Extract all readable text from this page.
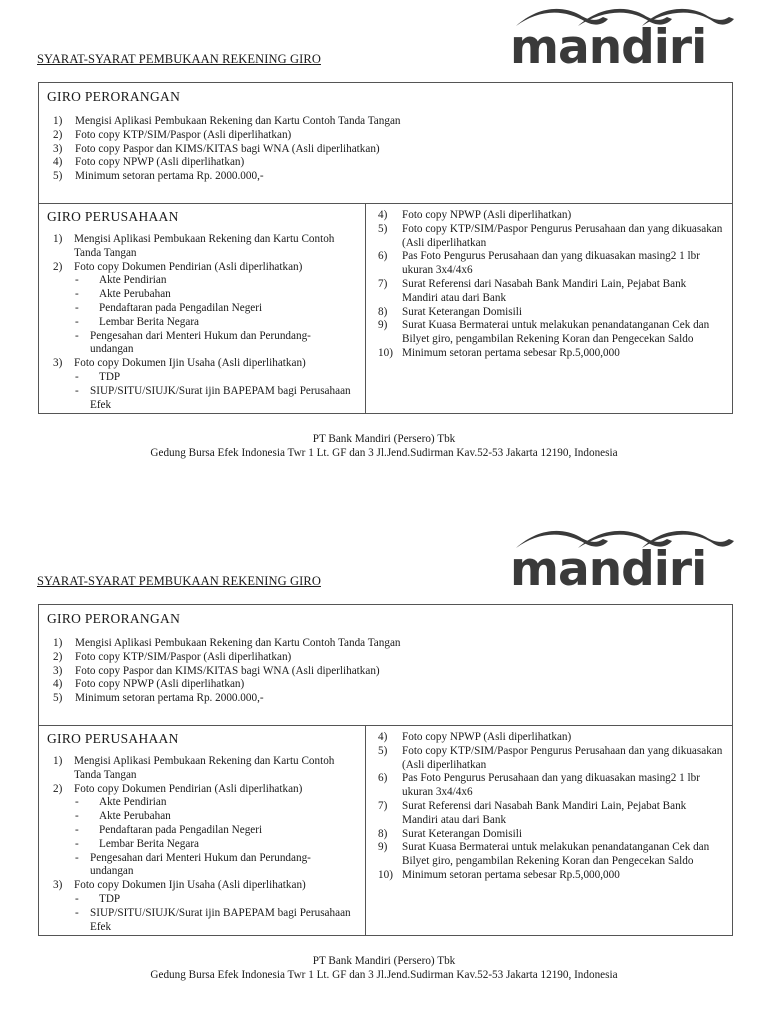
SYARAT-SYARAT PEMBUKAAN REKENING GIRO	mandiri
GIRO PERORANGAN
1)	Mengisi Aplikasi Pembukaan Rekening dan Kartu Contoh Tanda Tangan
2)	Foto copy KTP/SIM/Paspor (Asli diperlihatkan)
3)	Foto copy Paspor dan KIMS/KITAS bagi WNA (Asli diperlihatkan)
4)	Foto copy NPWP (Asli diperlihatkan)
5)	Minimum setoran pertama Rp. 2000.000,-
GIRO PERUSAHAAN
1)	Mengisi Aplikasi Pembukaan Rekening dan Kartu Contoh Tanda Tangan
2)	Foto copy Dokumen Pendirian (Asli diperlihatkan)
-	Akte Pendirian
-	Akte Perubahan
-	Pendaftaran pada Pengadilan Negeri
-	Lembar Berita Negara
-	Pengesahan dari Menteri Hukum dan Perundang-undangan
3)	Foto copy Dokumen Ijin Usaha (Asli diperlihatkan)
-	TDP
-	SIUP/SITU/SIUJK/Surat ijin BAPEPAM bagi Perusahaan Efek
4)	Foto copy NPWP (Asli diperlihatkan)
5)	Foto copy KTP/SIM/Paspor Pengurus Perusahaan dan yang dikuasakan (Asli diperlihatkan
6)	Pas Foto Pengurus Perusahaan dan yang dikuasakan masing2 1 lbr ukuran 3x4/4x6
7)	Surat Referensi dari Nasabah Bank Mandiri Lain, Pejabat Bank Mandiri atau dari Bank
8)	Surat Keterangan Domisili
9)	Surat Kuasa Bermaterai untuk melakukan penandatanganan Cek dan Bilyet giro, pengambilan Rekening Koran dan Pengecekan Saldo
10) Minimum setoran pertama sebesar Rp.5,000,000
PT Bank Mandiri (Persero) Tbk
Gedung Bursa Efek Indonesia Twr 1 Lt. GF dan 3 Jl.Jend.Sudirman Kav.52-53 Jakarta 12190, Indonesia
SYARAT-SYARAT PEMBUKAAN REKENING GIRO	mandiri
GIRO PERORANGAN
1)	Mengisi Aplikasi Pembukaan Rekening dan Kartu Contoh Tanda Tangan
2)	Foto copy KTP/SIM/Paspor (Asli diperlihatkan)
3)	Foto copy Paspor dan KIMS/KITAS bagi WNA (Asli diperlihatkan)
4)	Foto copy NPWP (Asli diperlihatkan)
5)	Minimum setoran pertama Rp. 2000.000,-
GIRO PERUSAHAAN
1)	Mengisi Aplikasi Pembukaan Rekening dan Kartu Contoh Tanda Tangan
2)	Foto copy Dokumen Pendirian (Asli diperlihatkan)
-	Akte Pendirian
-	Akte Perubahan
-	Pendaftaran pada Pengadilan Negeri
-	Lembar Berita Negara
-	Pengesahan dari Menteri Hukum dan Perundang-undangan
3)	Foto copy Dokumen Ijin Usaha (Asli diperlihatkan)
-	TDP
-	SIUP/SITU/SIUJK/Surat ijin BAPEPAM bagi Perusahaan Efek
4)	Foto copy NPWP (Asli diperlihatkan)
5)	Foto copy KTP/SIM/Paspor Pengurus Perusahaan dan yang dikuasakan (Asli diperlihatkan
6)	Pas Foto Pengurus Perusahaan dan yang dikuasakan masing2 1 lbr ukuran 3x4/4x6
7)	Surat Referensi dari Nasabah Bank Mandiri Lain, Pejabat Bank Mandiri atau dari Bank
8)	Surat Keterangan Domisili
9)	Surat Kuasa Bermaterai untuk melakukan penandatanganan Cek dan Bilyet giro, pengambilan Rekening Koran dan Pengecekan Saldo
10) Minimum setoran pertama sebesar Rp.5,000,000
PT Bank Mandiri (Persero) Tbk
Gedung Bursa Efek Indonesia Twr 1 Lt. GF dan 3 Jl.Jend.Sudirman Kav.52-53 Jakarta 12190, Indonesia
